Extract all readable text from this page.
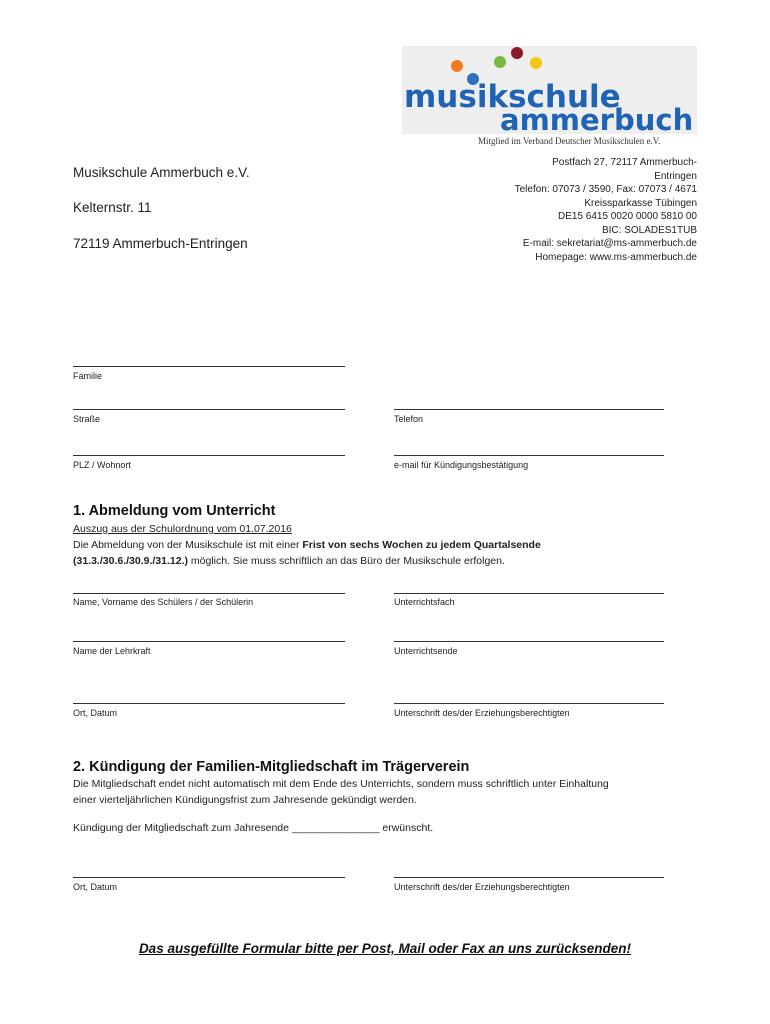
musikschule
ammerbuch
Mitglied im Verband Deutscher Musikschulen e.V.
Musikschule Ammerbuch e.V.
Kelternstr. 11
72119 Ammerbuch-Entringen
Postfach 27, 72117 Ammerbuch-
Entringen
Telefon: 07073 / 3590, Fax: 07073 / 4671
Kreissparkasse Tübingen
DE15 6415 0020 0000 5810 00
BIC: SOLADES1TUB
E-mail: sekretariat@ms-ammerbuch.de
Homepage: www.ms-ammerbuch.de
Familie
Straße	Telefon
PLZ / Wohnort	e-mail für Kündigungsbestätigung
1. Abmeldung vom Unterricht
Auszug aus der Schulordnung vom 01.07.2016
Die Abmeldung von der Musikschule ist mit einer Frist von sechs Wochen zu jedem Quartalsende
(31.3./30.6./30.9./31.12.) möglich. Sie muss schriftlich an das Büro der Musikschule erfolgen.
Name, Vorname des Schülers / der Schülerin	Unterrichtsfach
Name der Lehrkraft	Unterrichtsende
Ort, Datum	Unterschrift des/der Erziehungsberechtigten
2. Kündigung der Familien-Mitgliedschaft im Trägerverein
Die Mitgliedschaft endet nicht automatisch mit dem Ende des Unterrichts, sondern muss schriftlich unter Einhaltung
einer vierteljährlichen Kündigungsfrist zum Jahresende gekündigt werden.
Kündigung der Mitgliedschaft zum Jahresende _______________ erwünscht.
Ort, Datum	Unterschrift des/der Erziehungsberechtigten
Das ausgefüllte Formular bitte per Post, Mail oder Fax an uns zurücksenden!
